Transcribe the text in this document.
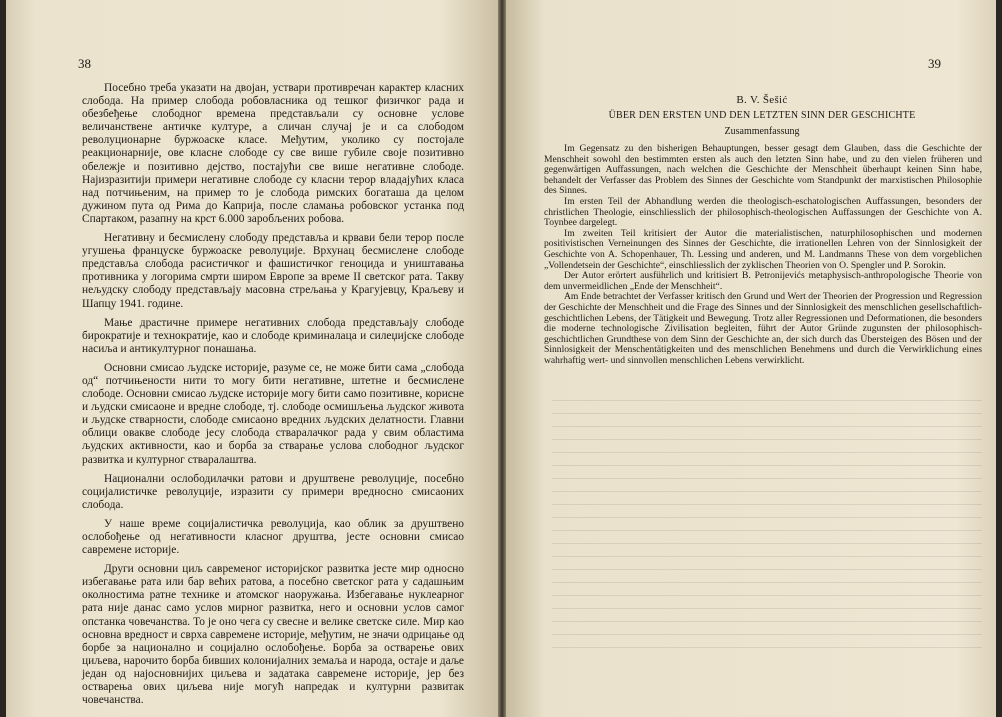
38

Посебно треба указати на двојан, уствари противречан карактер класних слобода. На пример слобода робовласника од тешког физичког рада и обезбеђење слободног времена представљали су основне услове величанствене античке културе, а сличан случај је и са слободом револуционарне буржоаске класе. Међутим, уколико су постојале реакционарније, ове класне слободе су све више губиле своје позитивно обележје и позитивно дејство, постајући све више негативне слободе. Најизразитији примери негативне слободе су класни терор владајућих класа над потчињеним, на пример то је слобода римских богаташа да целом дужином пута од Рима до Каприја, после сламања робовског устанка под Спартаком, разапну на крст 6.000 заробљених робова.

Негативну и бесмислену слободу представља и крвави бели терор после угушења француске буржоаске револуције. Врхунац бесмислене слободе представља слобода расистичког и фашистичког геноцида и уништавања противника у логорима смрти широм Европе за време II светског рата. Такву нељудску слободу представљају масовна стрељања у Крагујевцу, Краљеву и Шапцу 1941. године.

Мање драстичне примере негативних слобода представљају слободе бирократије и технократије, као и слободе криминалаца и силеџијске слободе насиља и антикултурног понашања.

Основни смисао људске историје, разуме се, не може бити сама „слобода од“ потчињености нити то могу бити негативне, штетне и бесмислене слободе. Основни смисао људске историје могу бити само позитивне, корисне и људски смисаоне и вредне слободе, тј. слободе осмишљења људског живота и људске стварности, слободе смисаоно вредних људских делатности. Главни облици овакве слободе јесу слобода стваралачког рада у свим областима људских активности, као и борба за стварање услова слободног људског развитка и културног стваралаштва.

Национални ослободилачки ратови и друштвене револуције, посебно социјалистичке револуције, изразити су примери вредносно смисаоних слобода.

У наше време социјалистичка револуција, као облик за друштвено ослобођење од негативности класног друштва, јесте основни смисао савремене историје.

Други основни циљ савременог историјског развитка јесте мир односно избегавање рата или бар већих ратова, а посебно светског рата у садашњим околностима ратне технике и атомског наоружања. Избегавање нуклеарног рата није данас само услов мирног развитка, него и основни услов самог опстанка човечанства. То је оно чега су свесне и велике светске силе. Мир као основна вредност и сврха савремене историје, међутим, не значи одрицање од борбе за национално и социјално ослобођење. Борба за остварење ових циљева, нарочито борба бивших колонијалних земаља и народа, остаје и даље један од најосновнијих циљева и задатака савремене историје, јер без остварења ових циљева није могућ напредак и културни развитак човечанства.

39
B. V. Šešić
ÜBER DEN ERSTEN UND DEN LETZTEN SINN DER GESCHICHTE
Zusammenfassung

Im Gegensatz zu den bisherigen Behauptungen, besser gesagt dem Glauben, dass die Geschichte der Menschheit sowohl den bestimmten ersten als auch den letzten Sinn habe, und zu den vielen früheren und gegenwärtigen Auffassungen, nach welchen die Geschichte der Menschheit überhaupt keinen Sinn habe, behandelt der Verfasser das Problem des Sinnes der Geschichte vom Standpunkt der marxistischen Philosophie des Sinnes.

Im ersten Teil der Abhandlung werden die theologisch-eschatologischen Auffassungen, besonders der christlichen Theologie, einschliesslich der philosophisch-theologischen Auffassungen der Geschichte von A. Toynbee dargelegt.

Im zweiten Teil kritisiert der Autor die materialistischen, naturphilosophischen und modernen positivistischen Verneinungen des Sinnes der Geschichte, die irrationellen Lehren von der Sinnlosigkeit der Geschichte von A. Schopenhauer, Th. Lessing und anderen, und M. Landmanns These von dem vorgeblichen „Vollendetsein der Geschichte“, einschliesslich der zyklischen Theorien von O. Spengler und P. Sorokin.

Der Autor erörtert ausführlich und kritisiert B. Petronijevićs metaphysisch-anthropologische Theorie von dem unvermeidlichen „Ende der Menschheit“.

Am Ende betrachtet der Verfasser kritisch den Grund und Wert der Theorien der Progression und Regression der Geschichte der Menschheit und die Frage des Sinnes und der Sinnlosigkeit des menschlichen gesellschaftlich-geschichtlichen Lebens, der Tätigkeit und Bewegung. Trotz aller Regressionen und Deformationen, die besonders die moderne technologische Zivilisation begleiten, führt der Autor Gründe zugunsten der philosophisch-geschichtlichen Grundthese von dem Sinn der Geschichte an, der sich durch das Übersteigen des Bösen und der Sinnlosigkeit der Menschentätigkeiten und des menschlichen Benehmens und durch die Verwirklichung eines wahrhaftig wert- und sinnvollen menschlichen Lebens verwirklicht.
